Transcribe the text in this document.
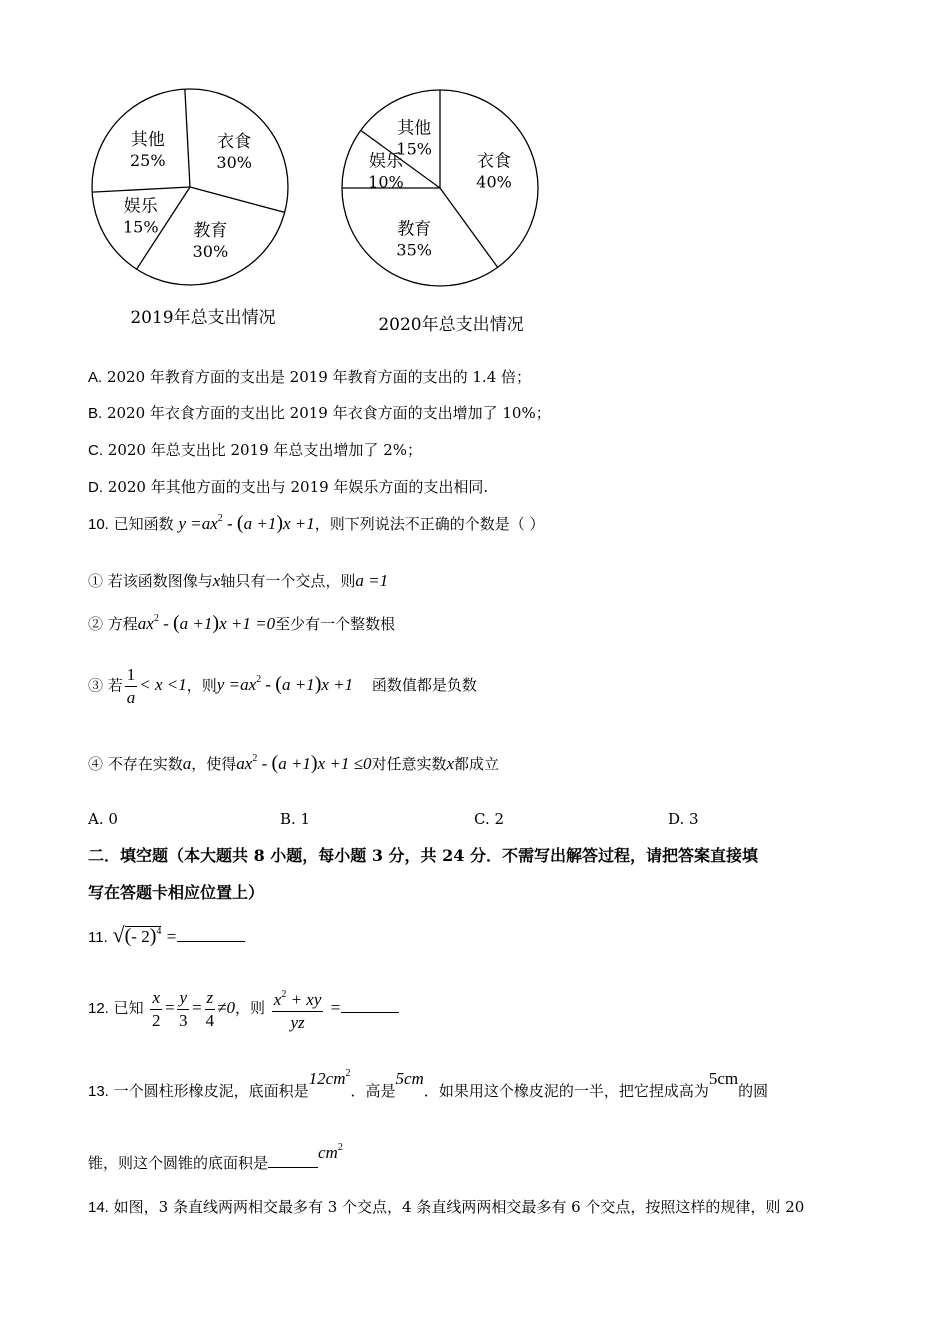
其他
25%
衣食
30%
教育
30%
娱乐
15%
2019年总支出情况
其他
15%
娱乐
10%
教育
35%
衣食
40%
2020年总支出情况
A. 2020 年教育方面的支出是 2019 年教育方面的支出的 1.4 倍；
B. 2020 年衣食方面的支出比 2019 年衣食方面的支出增加了 10%；
C. 2020 年总支出比 2019 年总支出增加了 2%；
D. 2020 年其他方面的支出与 2019 年娱乐方面的支出相同.
10. 已知函数 $y =ax^2 - (a +1)x +1$，则下列说法不正确的个数是（ ）
① 若该函数图像与x轴只有一个交点，则a =1
② 方程$ax^2 - (a +1)x +1 =0$至少有一个整数根
③ 若 $\frac{1}{a} < x <1$，则$y =ax^2 - (a +1)x +1$ 函数值都是负数
④ 不存在实数a，使得$ax^2 - (a +1)x +1 \le 0$对任意实数x都成立
A. 0	B. 1	C. 2	D. 3
二．填空题（本大题共 8 小题，每小题 3 分，共 24 分．不需写出解答过程，请把答案直接填
写在答题卡相应位置上）
11. √(- 2)$^4$ =
12. 已知 $\frac{x}{2} = \frac{y}{3} = \frac{z}{4} \ne 0$，则 $\frac{x^2 + xy}{yz}$ =
13. 一个圆柱形橡皮泥，底面积是$12cm^2$．高是5cm．如果用这个橡皮泥的一半，把它捏成高为5cm的圆
锥，则这个圆锥的底面积是$cm^2$
14. 如图，3 条直线两两相交最多有 3 个交点，4 条直线两两相交最多有 6 个交点，按照这样的规律，则 20
